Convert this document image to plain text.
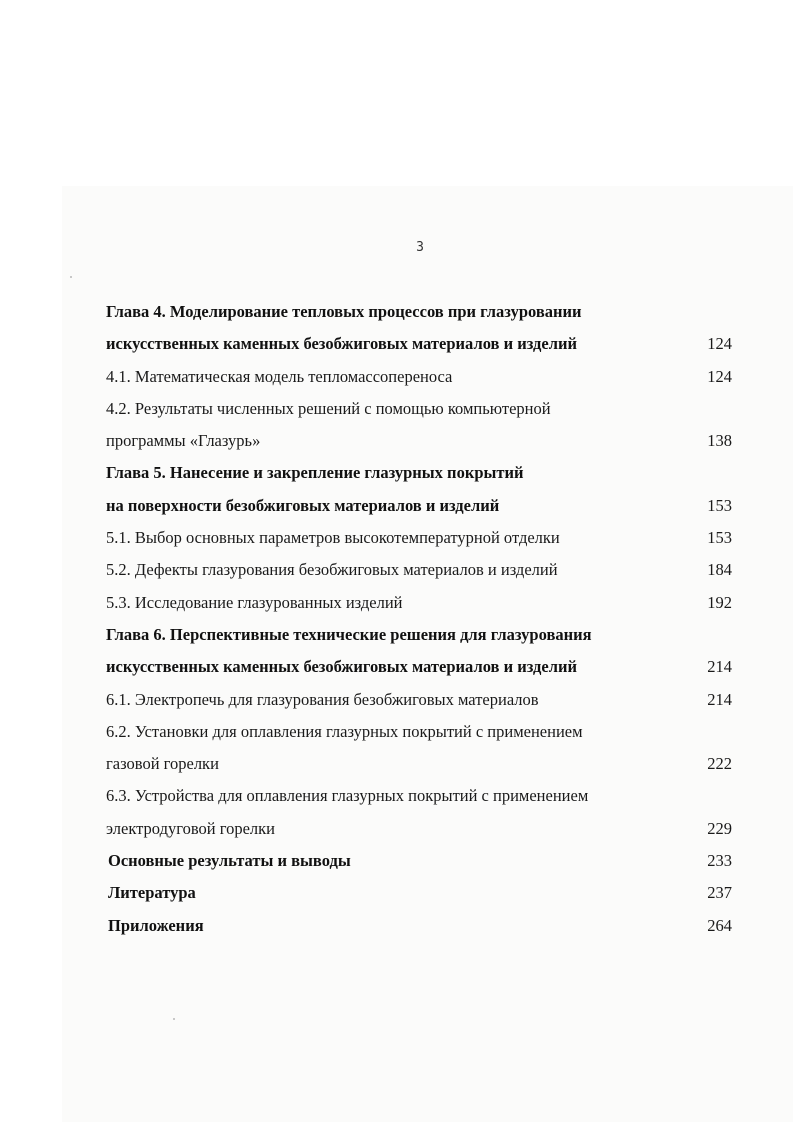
3
Глава 4. Моделирование тепловых процессов при глазуровании
искусственных каменных безобжиговых материалов и изделий	124
4.1. Математическая модель тепломассопереноса	124
4.2. Результаты численных решений с помощью компьютерной
программы «Глазурь»	138
Глава 5. Нанесение и закрепление глазурных покрытий
на поверхности безобжиговых материалов и изделий	153
5.1. Выбор основных параметров высокотемпературной отделки	153
5.2. Дефекты глазурования безобжиговых материалов и изделий	184
5.3. Исследование глазурованных изделий	192
Глава 6. Перспективные технические решения для глазурования
искусственных каменных безобжиговых материалов и изделий	214
6.1. Электропечь для глазурования безобжиговых материалов	214
6.2. Установки для оплавления глазурных покрытий с применением
газовой горелки	222
6.3. Устройства для оплавления глазурных покрытий с применением
электродуговой горелки	229
Основные результаты и выводы	233
Литература	237
Приложения	264
